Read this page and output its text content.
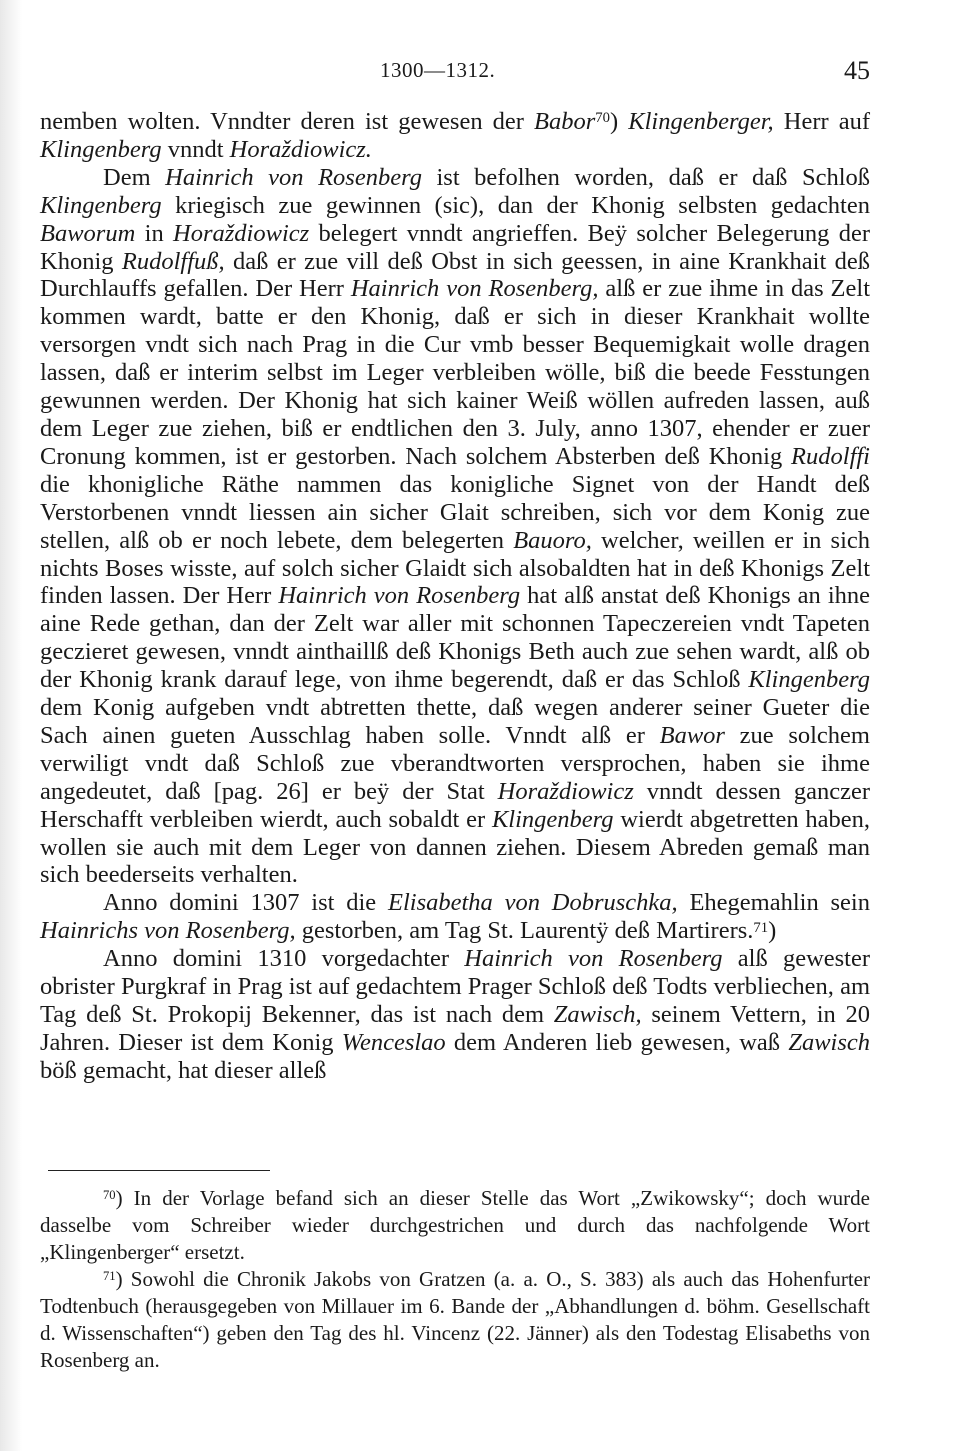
1300—1312.	45

nemben wolten. Vnndter deren ist gewesen der Babor$^{70}$) Klingenberger, Herr auf Klingenberg vnndt Horaždiowicz.

Dem Hainrich von Rosenberg ist befolhen worden, daß er daß Schloß Klingenberg kriegisch zue gewinnen (sic), dan der Khonig selbsten gedachten Baworum in Horaždiowicz belegert vnndt angrieffen. Beÿ solcher Belegerung der Khonig Rudolffuß, daß er zue vill deß Obst in sich geessen, in aine Krankhait deß Durchlauffs gefallen. Der Herr Hainrich von Rosenberg, alß er zue ihme in das Zelt kommen wardt, batte er den Khonig, daß er sich in dieser Krankhait wollte versorgen vndt sich nach Prag in die Cur vmb besser Bequemigkait wolle dragen lassen, daß er interim selbst im Leger verbleiben wölle, biß die beede Fesstungen gewunnen werden. Der Khonig hat sich kainer Weiß wöllen aufreden lassen, auß dem Leger zue ziehen, biß er endtlichen den 3. July, anno 1307, ehender er zuer Cronung kommen, ist er gestorben. Nach solchem Absterben deß Khonig Rudolffi die khonigliche Räthe nammen das konigliche Signet von der Handt deß Verstorbenen vnndt liessen ain sicher Glait schreiben, sich vor dem Konig zue stellen, alß ob er noch lebete, dem belegerten Bauoro, welcher, weillen er in sich nichts Boses wisste, auf solch sicher Glaidt sich alsobaldten hat in deß Khonigs Zelt finden lassen. Der Herr Hainrich von Rosenberg hat alß anstat deß Khonigs an ihne aine Rede gethan, dan der Zelt war aller mit schonnen Tapeczereien vndt Tapeten geczieret gewesen, vnndt ainthaillß deß Khonigs Beth auch zue sehen wardt, alß ob der Khonig krank darauf lege, von ihme begerendt, daß er das Schloß Klingenberg dem Konig aufgeben vndt abtretten thette, daß wegen anderer seiner Gueter die Sach ainen gueten Ausschlag haben solle. Vnndt alß er Bawor zue solchem verwiligt vndt daß Schloß zue vberandtworten versprochen, haben sie ihme angedeutet, daß [pag. 26] er beÿ der Stat Horaždiowicz vnndt dessen ganczer Herschafft verbleiben wierdt, auch sobaldt er Klingenberg wierdt abgetretten haben, wollen sie auch mit dem Leger von dannen ziehen. Diesem Abreden gemaß man sich beederseits verhalten.

Anno domini 1307 ist die Elisabetha von Dobruschka, Ehegemahlin sein Hainrichs von Rosenberg, gestorben, am Tag St. Laurentÿ deß Martirers.$^{71}$)

Anno domini 1310 vorgedachter Hainrich von Rosenberg alß gewester obrister Purgkraf in Prag ist auf gedachtem Prager Schloß deß Todts verbliechen, am Tag deß St. Prokopij Bekenner, das ist nach dem Zawisch, seinem Vettern, in 20 Jahren. Dieser ist dem Konig Wenceslao dem Anderen lieb gewesen, waß Zawisch böß gemacht, hat dieser alleß

$^{70}$) In der Vorlage befand sich an dieser Stelle das Wort „Zwikowsky“; doch wurde dasselbe vom Schreiber wieder durchgestrichen und durch das nachfolgende Wort „Klingenberger“ ersetzt.

$^{71}$) Sowohl die Chronik Jakobs von Gratzen (a. a. O., S. 383) als auch das Hohenfurter Todtenbuch (herausgegeben von Millauer im 6. Bande der „Abhandlungen d. böhm. Gesellschaft d. Wissenschaften“) geben den Tag des hl. Vincenz (22. Jänner) als den Todestag Elisabeths von Rosenberg an.
